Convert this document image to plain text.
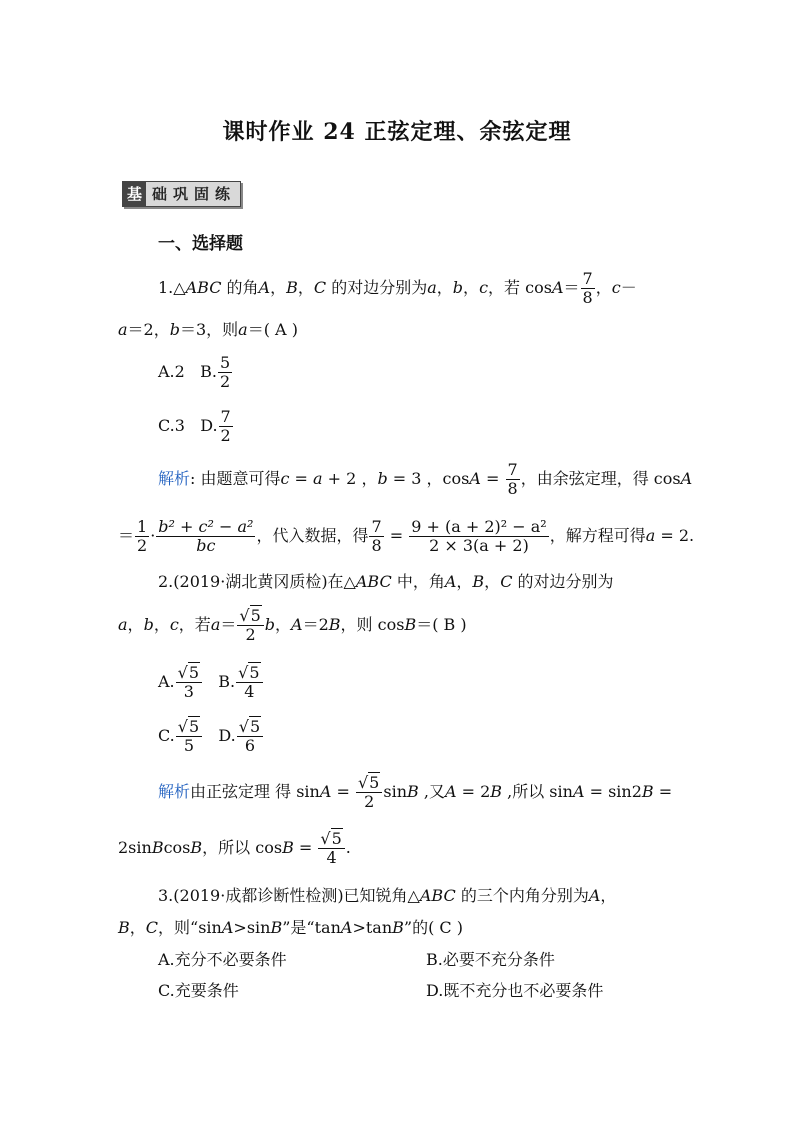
课时作业 24 正弦定理、余弦定理
基 础巩固练
一、选择题
1.△ABC 的角A，B，C 的对边分别为a，b，c，若 $\cos A= \frac{7}{8}$ ，c－
a＝2，b＝3，则a＝( A )
A.2 B. $\frac{5}{2}$
C.3 D. $\frac{7}{2}$
解析: 由题意可得c = a + 2 ，b = 3 ，$\cos A = \frac{7}{8}$ ，由余弦定理，得 cosA
＝ $\frac{1}{2} \cdot \frac{\text{b² + c² − a²}}{bc}$ ，代入数据，得 $\frac{7}{8} = \frac{\text{9 + (a + 2)² − a²}}{2 \times 3(a + 2)}$ ，解方程可得a = 2.
2.(2019·湖北黄冈质检)在△ABC 中，角A，B，C 的对边分别为
a，b，c，若$a= \frac{√5}{2}$ b，A＝2B，则 cosB＝( B )
A. $\frac{√5}{3} B$. $\frac{√5}{4}$
C. $\frac{√5}{5} D$. $\frac{√5}{6}$
解析由正弦定理 得 $\sin A = \frac{√5}{2}$ sinB ,又A = 2B ,所以 sinA = sin2B =
2sinBcosB，所以 $\cos B = \frac{√5}{4}$ .
3.(2019·成都诊断性检测)已知锐角△ABC 的三个内角分别为A，
B，C，则“sinA>sinB”是“tanA>tanB”的( C )
A.充分不必要条件	B.必要不充分条件
C.充要条件	D.既不充分也不必要条件
